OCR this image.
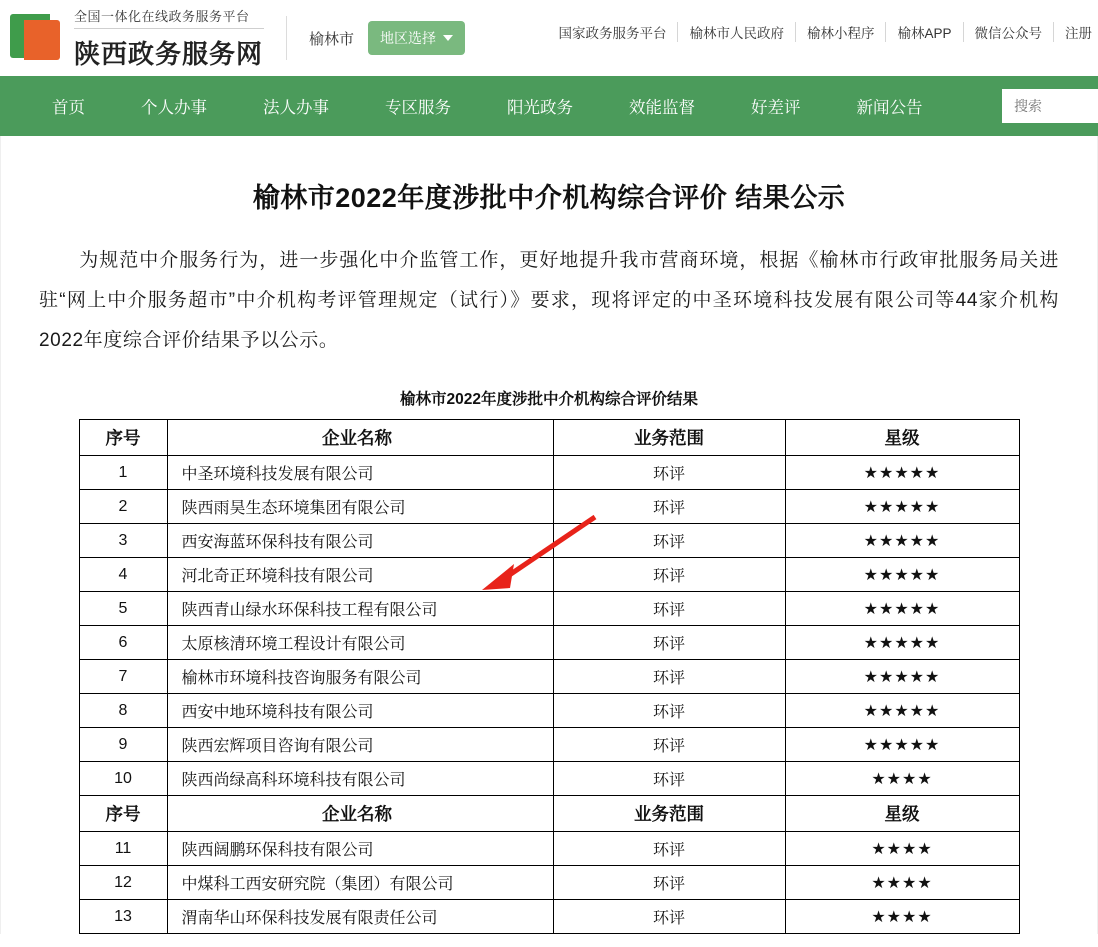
全国一体化在线政务服务平台
陕西政务服务网	榆林市 地区选择	国家政务服务平台	榆林市人民政府	榆林小程序	榆林APP	微信公众号	注册
首页	个人办事	法人办事	专区服务	阳光政务	效能监督	好差评	新闻公告
搜索
榆林市2022年度涉批中介机构综合评价 结果公示
为规范中介服务行为，进一步强化中介监管工作，更好地提升我市营商环境，根据《榆林市行政审批服务局关进驻“网上中介服务超市”中介机构考评管理规定（试行）》要求，现将评定的中圣环境科技发展有限公司等44家介机构2022年度综合评价结果予以公示。
榆林市2022年度涉批中介机构综合评价结果
序号	企业名称	业务范围	星级
1	中圣环境科技发展有限公司	环评	★★★★★
2	陕西雨昊生态环境集团有限公司	环评	★★★★★
3	西安海蓝环保科技有限公司	环评	★★★★★
4	河北奇正环境科技有限公司	环评	★★★★★
5	陕西青山绿水环保科技工程有限公司	环评	★★★★★
6	太原核清环境工程设计有限公司	环评	★★★★★
7	榆林市环境科技咨询服务有限公司	环评	★★★★★
8	西安中地环境科技有限公司	环评	★★★★★
9	陕西宏辉项目咨询有限公司	环评	★★★★★
10	陕西尚绿高科环境科技有限公司	环评	★★★★
序号	企业名称	业务范围	星级
11	陕西阔鹏环保科技有限公司	环评	★★★★
12	中煤科工西安研究院（集团）有限公司	环评	★★★★
13	渭南华山环保科技发展有限责任公司	环评	★★★★
